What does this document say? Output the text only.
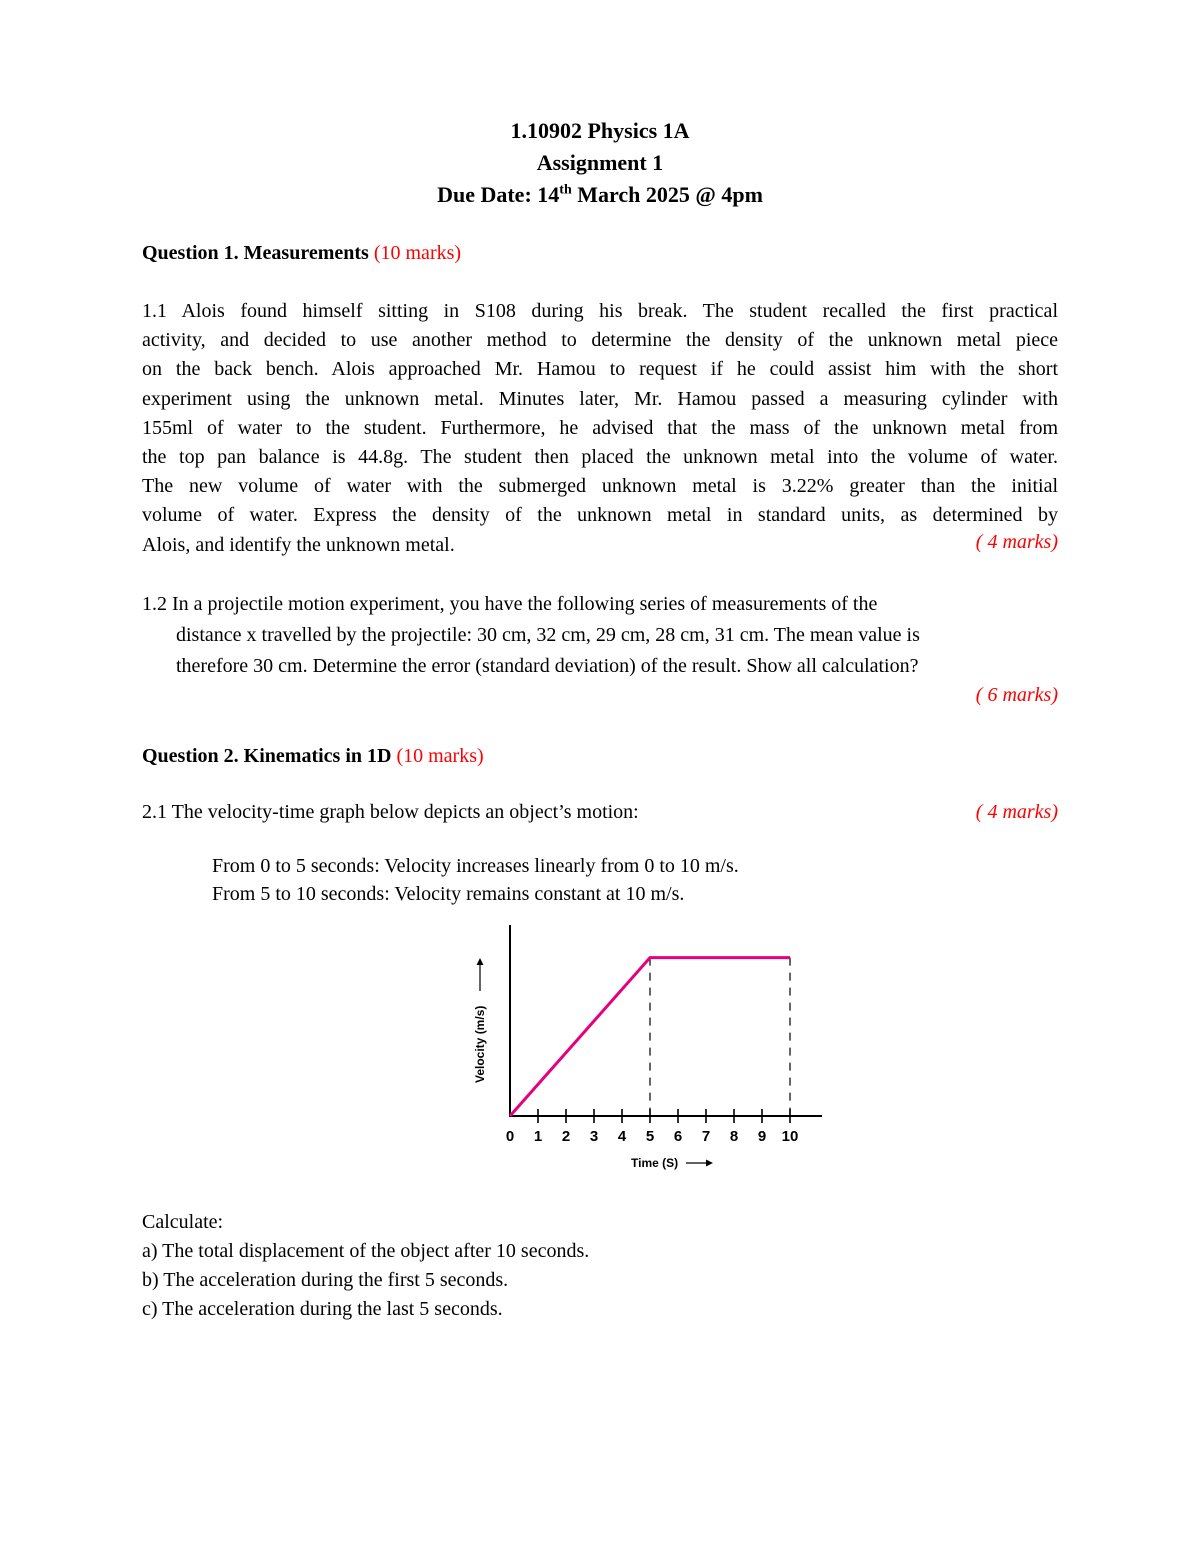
1.10902 Physics 1A
Assignment 1
Due Date: 14th March 2025 @ 4pm
Question 1. Measurements (10 marks)
1.1 Alois found himself sitting in S108 during his break. The student recalled the first practical
activity, and decided to use another method to determine the density of the unknown metal piece
on the back bench. Alois approached Mr. Hamou to request if he could assist him with the short
experiment using the unknown metal. Minutes later, Mr. Hamou passed a measuring cylinder with
155ml of water to the student. Furthermore, he advised that the mass of the unknown metal from
the top pan balance is 44.8g. The student then placed the unknown metal into the volume of water.
The new volume of water with the submerged unknown metal is 3.22% greater than the initial
volume of water. Express the density of the unknown metal in standard units, as determined by
Alois, and identify the unknown metal.	( 4 marks)
1.2 In a projectile motion experiment, you have the following series of measurements of the
distance x travelled by the projectile: 30 cm, 32 cm, 29 cm, 28 cm, 31 cm. The mean value is
therefore 30 cm. Determine the error (standard deviation) of the result. Show all calculation?
( 6 marks)
Question 2. Kinematics in 1D (10 marks)
2.1 The velocity-time graph below depicts an object’s motion:	( 4 marks)
From 0 to 5 seconds: Velocity increases linearly from 0 to 10 m/s.
From 5 to 10 seconds: Velocity remains constant at 10 m/s.
0 1 2 3 4 5 6 7 8 9 10
Velocity (m/s)
Time (S)
Calculate:
a) The total displacement of the object after 10 seconds.
b) The acceleration during the first 5 seconds.
c) The acceleration during the last 5 seconds.
